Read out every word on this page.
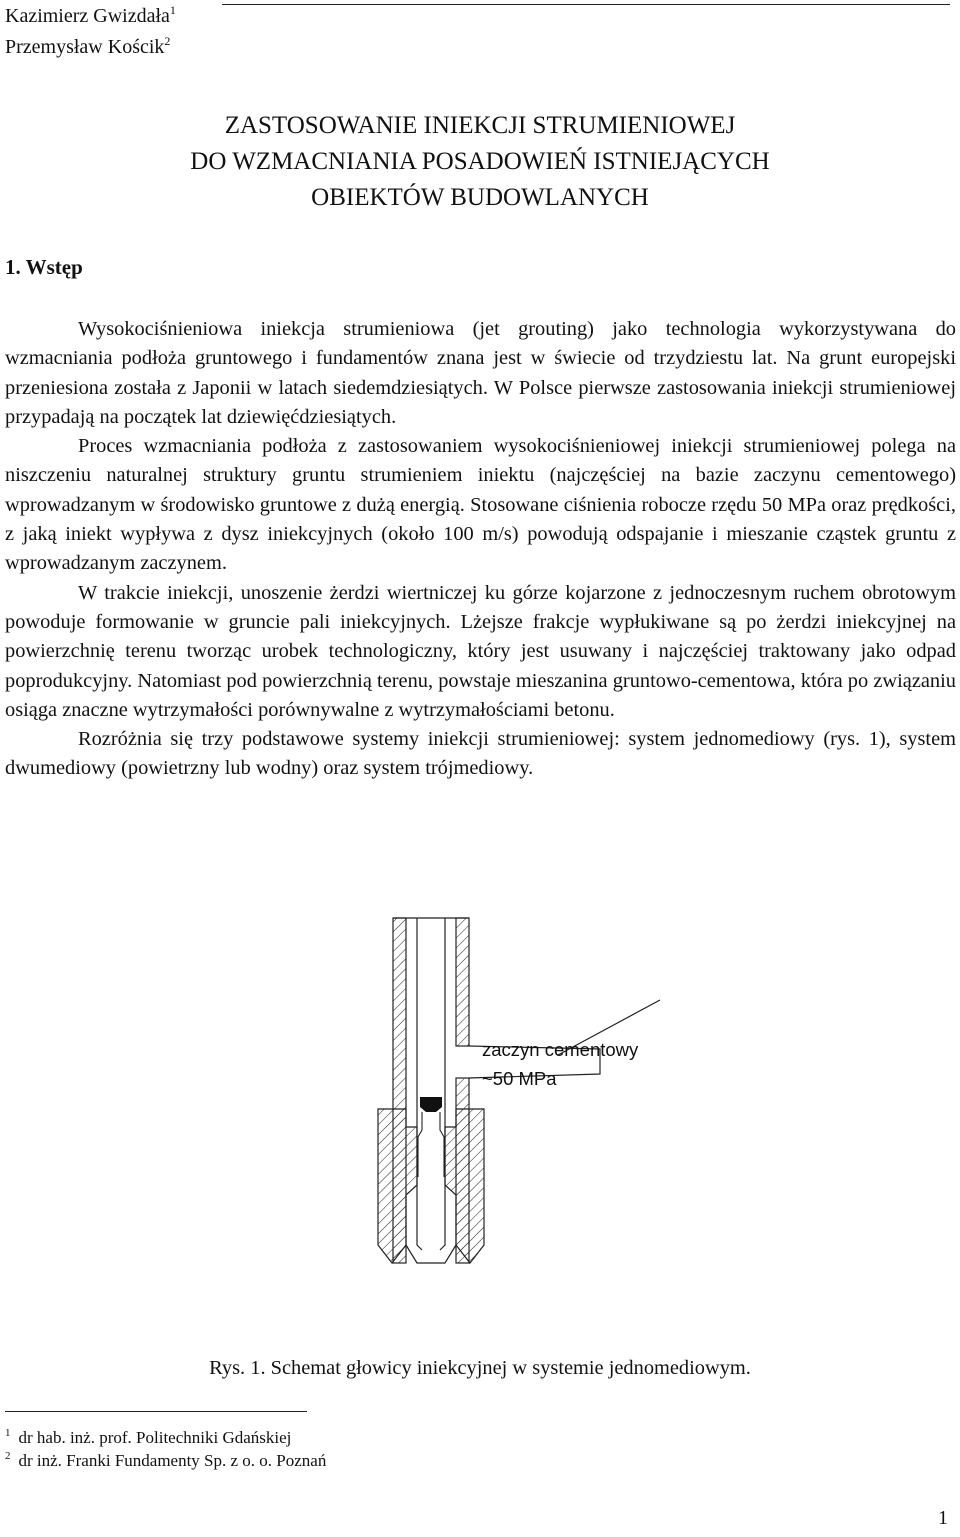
Kazimierz Gwizdała$^1$
Przemysław Kościk$^2$
ZASTOSOWANIE INIEKCJI STRUMIENIOWEJ
DO WZMACNIANIA POSADOWIEŃ ISTNIEJĄCYCH
OBIEKTÓW BUDOWLANYCH
1. Wstęp

Wysokociśnieniowa iniekcja strumieniowa (jet grouting) jako technologia wykorzystywana do wzmacniania podłoża gruntowego i fundamentów znana jest w świecie od trzydziestu lat. Na grunt europejski przeniesiona została z Japonii w latach siedemdziesiątych. W Polsce pierwsze zastosowania iniekcji strumieniowej przypadają na początek lat dziewięćdziesiątych.

Proces wzmacniania podłoża z zastosowaniem wysokociśnieniowej iniekcji strumieniowej polega na niszczeniu naturalnej struktury gruntu strumieniem iniektu (najczęściej na bazie zaczynu cementowego) wprowadzanym w środowisko gruntowe z dużą energią. Stosowane ciśnienia robocze rzędu 50 MPa oraz prędkości, z jaką iniekt wypływa z dysz iniekcyjnych (około 100 m/s) powodują odspajanie i mieszanie cząstek gruntu z wprowadzanym zaczynem.

W trakcie iniekcji, unoszenie żerdzi wiertniczej ku górze kojarzone z jednoczesnym ruchem obrotowym powoduje formowanie w gruncie pali iniekcyjnych. Lżejsze frakcje wypłukiwane są po żerdzi iniekcyjnej na powierzchnię terenu tworząc urobek technologiczny, który jest usuwany i najczęściej traktowany jako odpad poprodukcyjny. Natomiast pod powierzchnią terenu, powstaje mieszanina gruntowo-cementowa, która po związaniu osiąga znaczne wytrzymałości porównywalne z wytrzymałościami betonu.

Rozróżnia się trzy podstawowe systemy iniekcji strumieniowej: system jednomediowy (rys. 1), system dwumediowy (powietrzny lub wodny) oraz system trójmediowy.

zaczyn cementowy
~50 MPa
Rys. 1. Schemat głowicy iniekcyjnej w systemie jednomediowym.
$^1$ dr hab. inż. prof. Politechniki Gdańskiej
$^2$ dr inż. Franki Fundamenty Sp. z o. o. Poznań
1
